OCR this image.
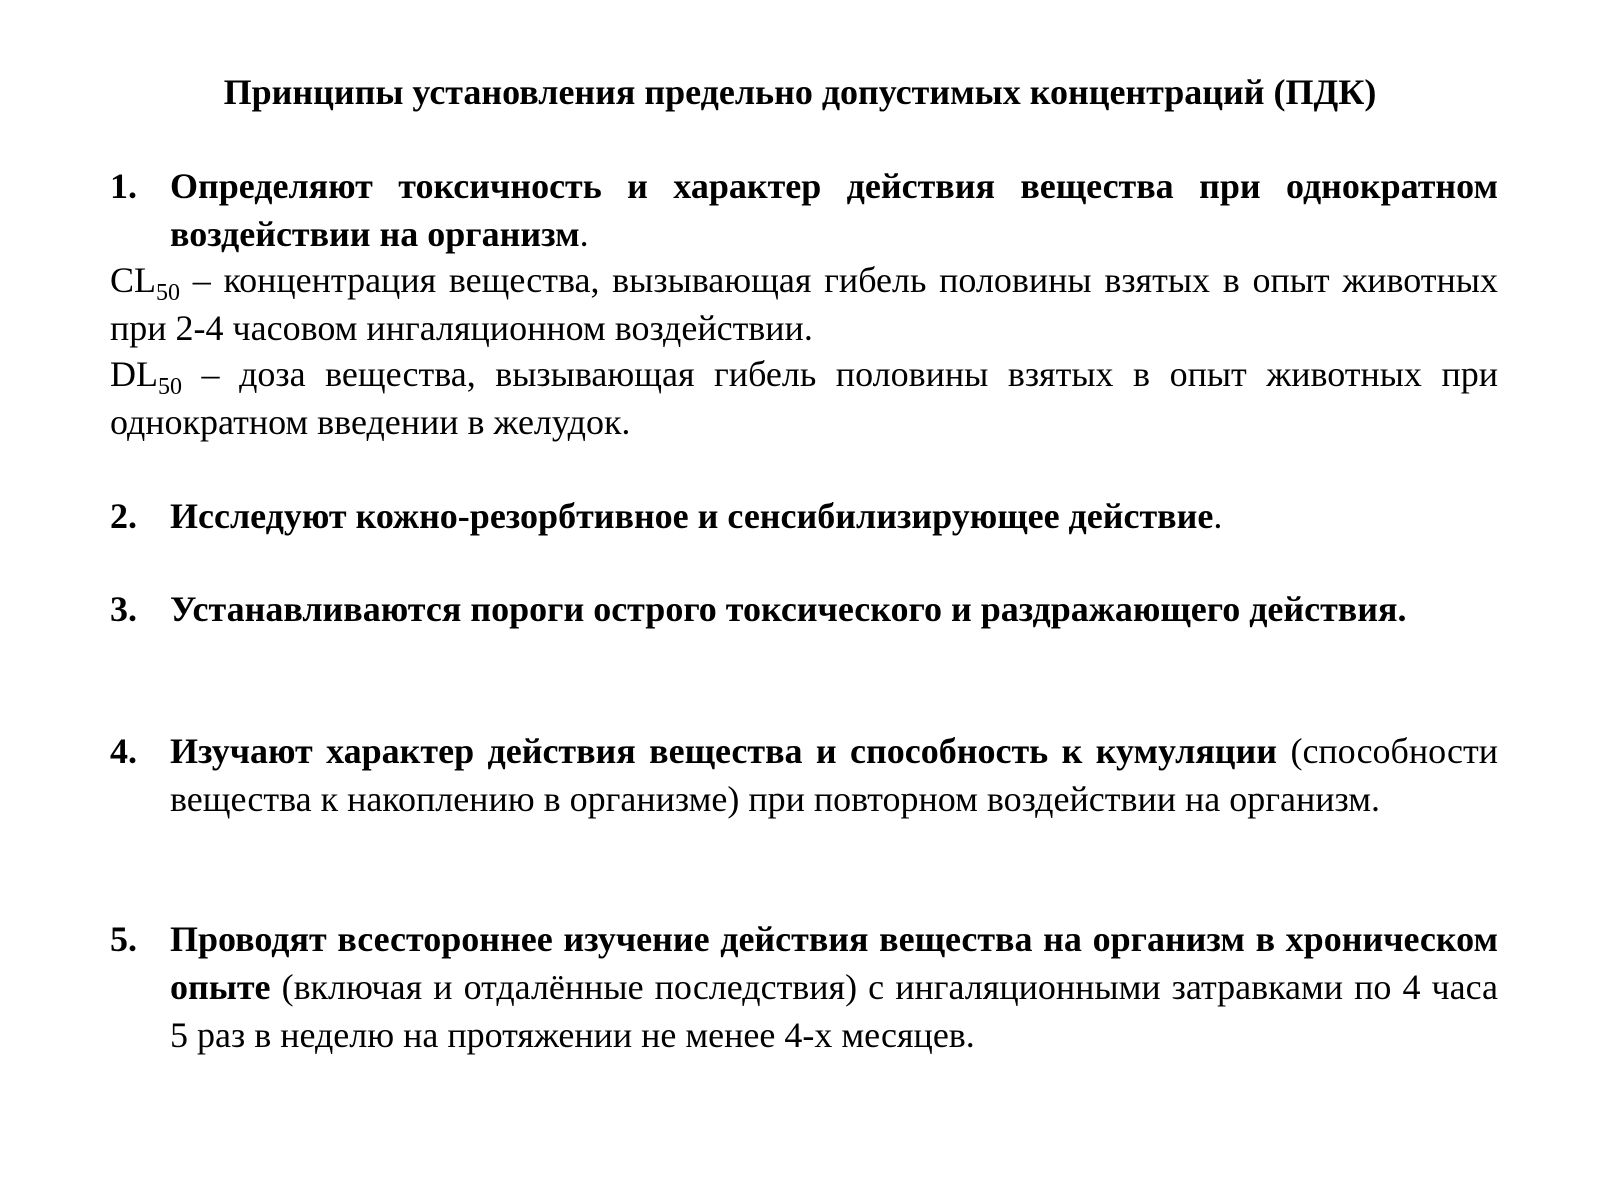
Принципы установления предельно допустимых концентраций (ПДК)
1. Определяют токсичность и характер действия вещества при однократном воздействии на организм.
$CL_{50}$ – концентрация вещества, вызывающая гибель половины взятых в опыт животных при 2-4 часовом ингаляционном воздействии.
$DL_{50}$ – доза вещества, вызывающая гибель половины взятых в опыт животных при однократном введении в желудок.
2. Исследуют кожно-резорбтивное и сенсибилизирующее действие.
3. Устанавливаются пороги острого токсического и раздражающего действия.
4. Изучают характер действия вещества и способность к кумуляции (способности вещества к накоплению в организме) при повторном воздействии на организм.
5. Проводят всестороннее изучение действия вещества на организм в хроническом опыте (включая и отдалённые последствия) с ингаляционными затравками по 4 часа 5 раз в неделю на протяжении не менее 4-х месяцев.
